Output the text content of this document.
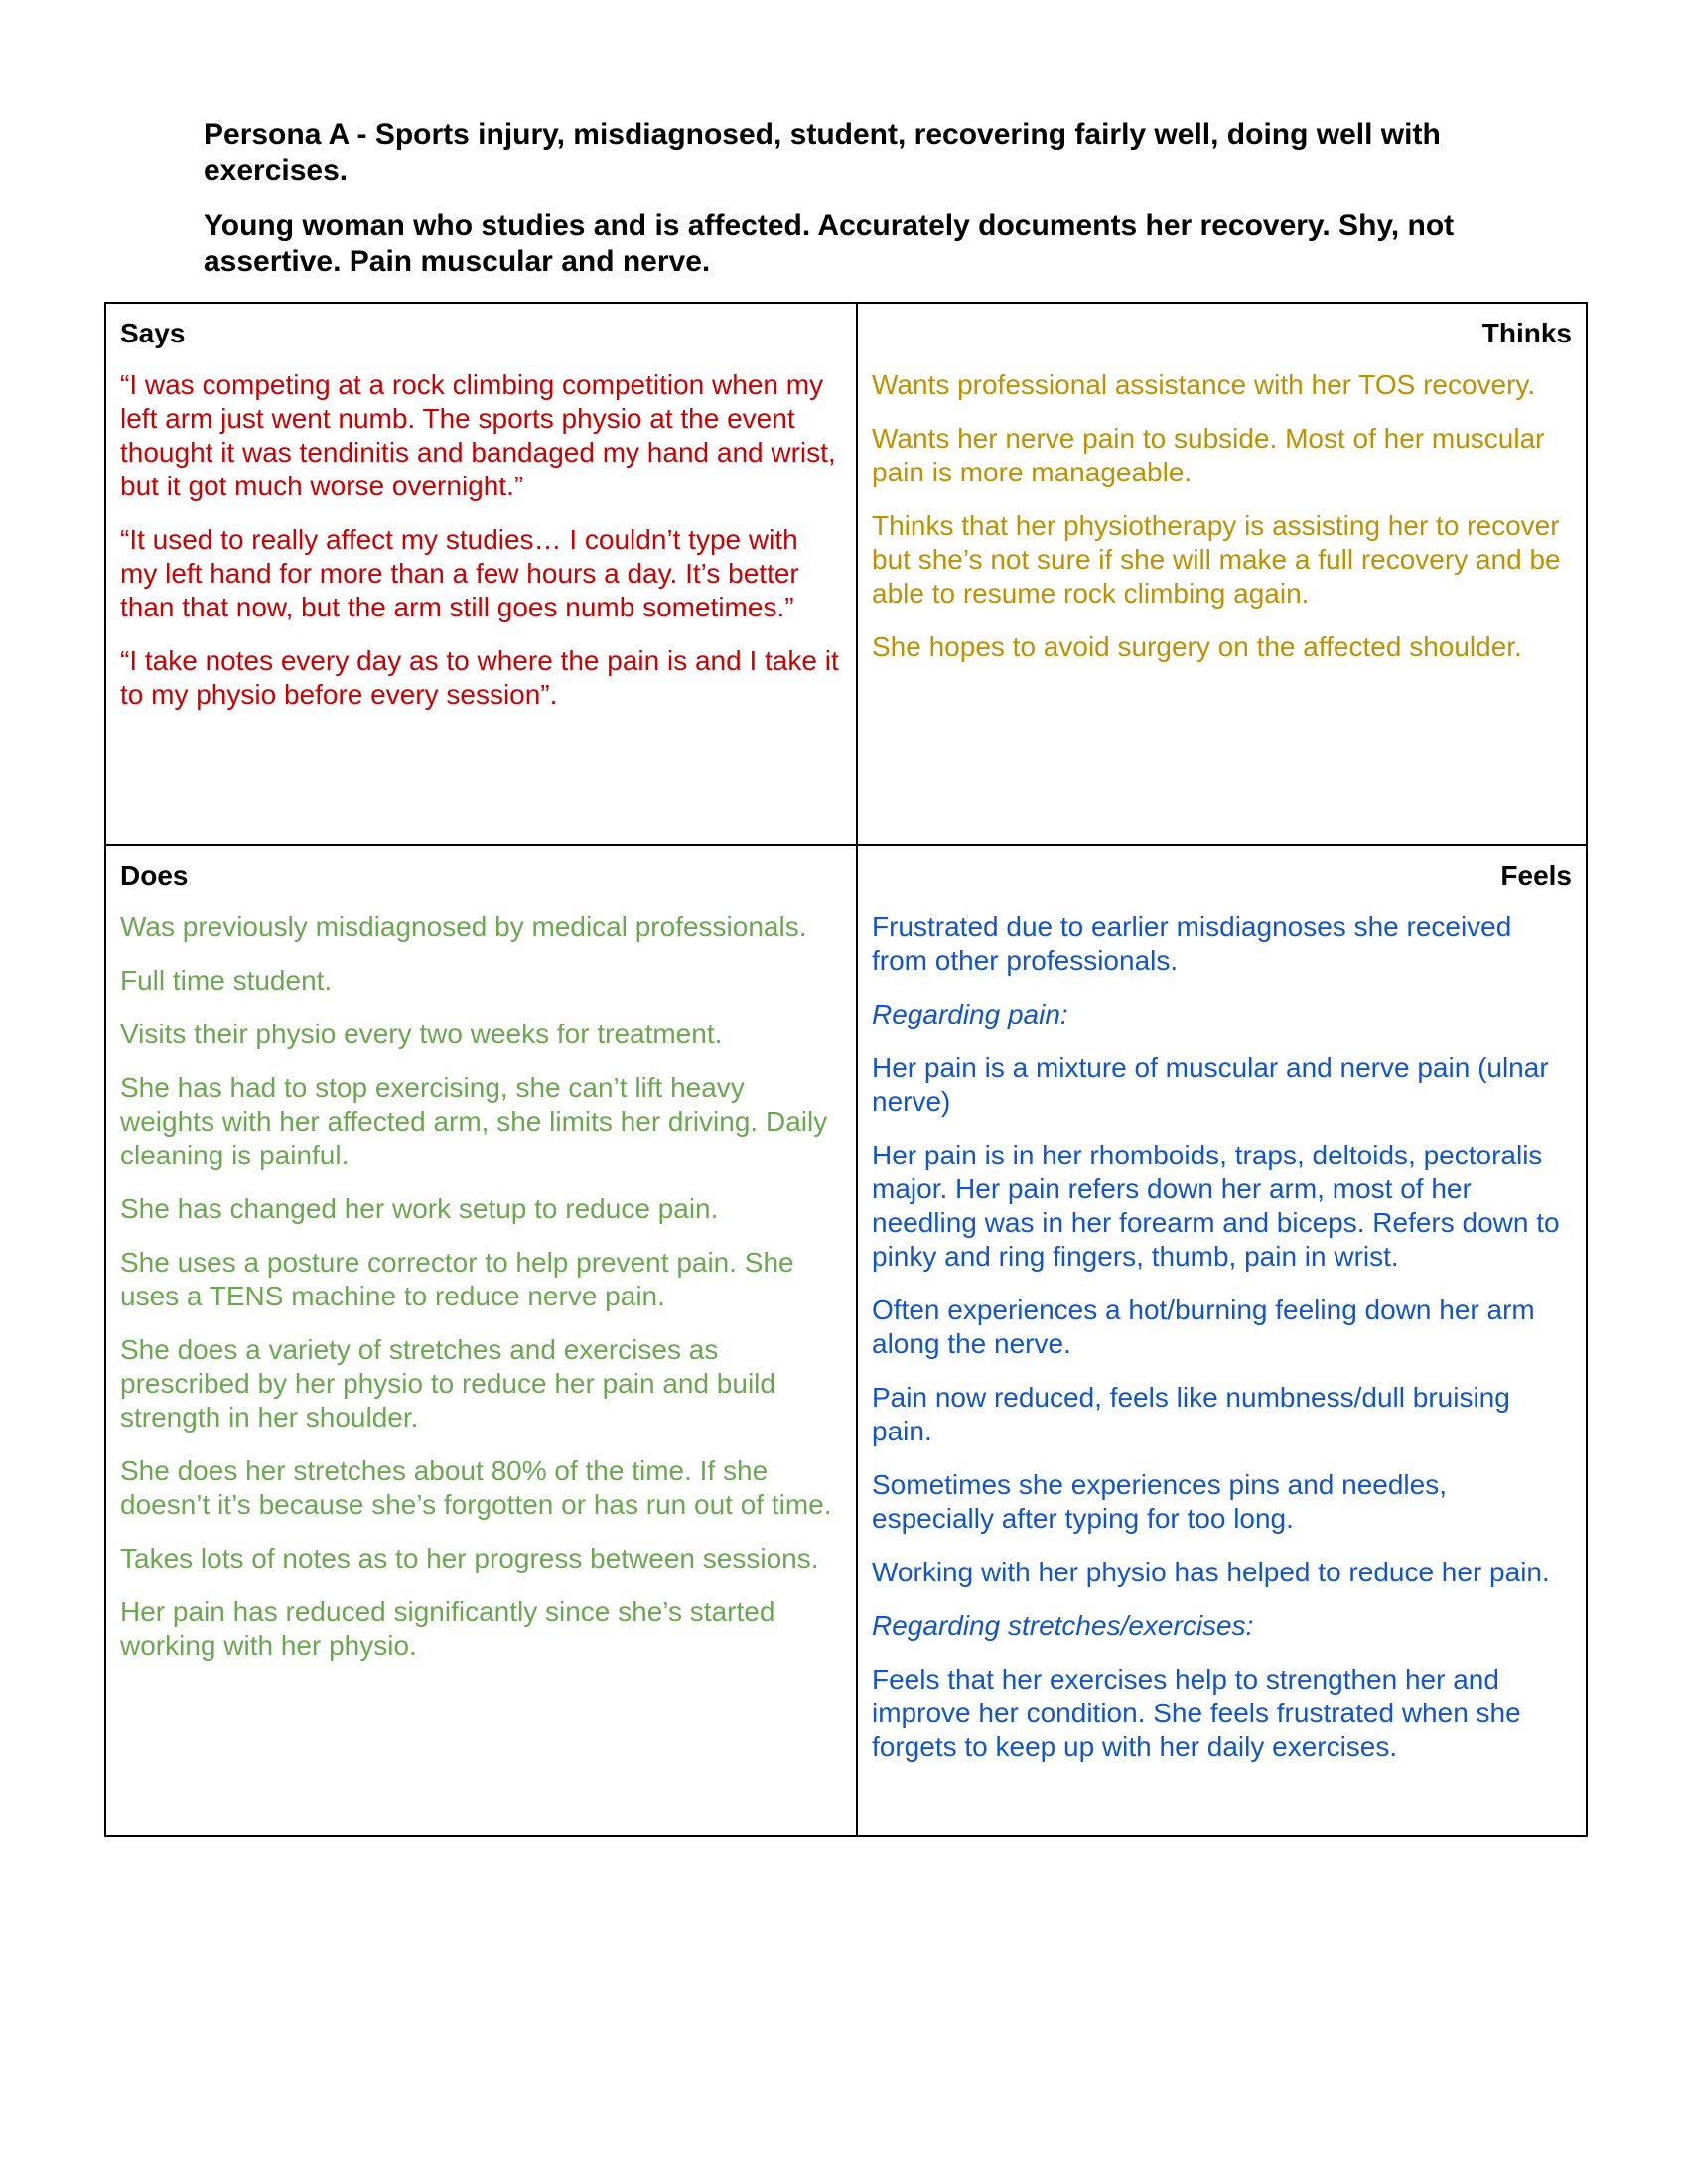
Persona A - Sports injury, misdiagnosed, student, recovering fairly well, doing well with exercises.

Young woman who studies and is affected. Accurately documents her recovery. Shy, not assertive. Pain muscular and nerve.

Says

“I was competing at a rock climbing competition when my left arm just went numb. The sports physio at the event thought it was tendinitis and bandaged my hand and wrist, but it got much worse overnight.”

“It used to really affect my studies… I couldn’t type with my left hand for more than a few hours a day. It’s better than that now, but the arm still goes numb sometimes.”

“I take notes every day as to where the pain is and I take it to my physio before every session”.

Thinks

Wants professional assistance with her TOS recovery.

Wants her nerve pain to subside. Most of her muscular pain is more manageable.

Thinks that her physiotherapy is assisting her to recover but she’s not sure if she will make a full recovery and be able to resume rock climbing again.

She hopes to avoid surgery on the affected shoulder.

Does

Was previously misdiagnosed by medical professionals.

Full time student.

Visits their physio every two weeks for treatment.

She has had to stop exercising, she can’t lift heavy weights with her affected arm, she limits her driving. Daily cleaning is painful.

She has changed her work setup to reduce pain.

She uses a posture corrector to help prevent pain. She uses a TENS machine to reduce nerve pain.

She does a variety of stretches and exercises as prescribed by her physio to reduce her pain and build strength in her shoulder.

She does her stretches about 80% of the time. If she doesn’t it’s because she’s forgotten or has run out of time.

Takes lots of notes as to her progress between sessions.

Her pain has reduced significantly since she’s started working with her physio.

Feels

Frustrated due to earlier misdiagnoses she received from other professionals.

Regarding pain:

Her pain is a mixture of muscular and nerve pain (ulnar nerve)

Her pain is in her rhomboids, traps, deltoids, pectoralis major. Her pain refers down her arm, most of her needling was in her forearm and biceps. Refers down to pinky and ring fingers, thumb, pain in wrist.

Often experiences a hot/burning feeling down her arm along the nerve.

Pain now reduced, feels like numbness/dull bruising pain.

Sometimes she experiences pins and needles, especially after typing for too long.

Working with her physio has helped to reduce her pain.

Regarding stretches/exercises:

Feels that her exercises help to strengthen her and improve her condition. She feels frustrated when she forgets to keep up with her daily exercises.
